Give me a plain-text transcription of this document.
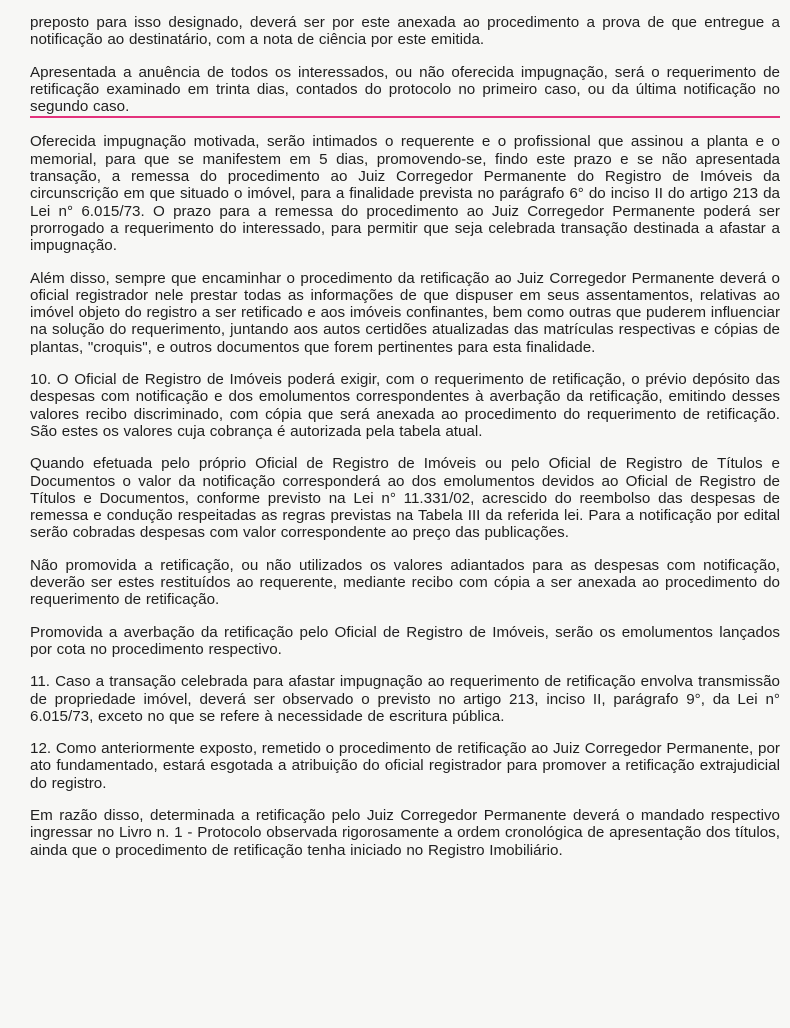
preposto para isso designado, deverá ser por este anexada ao procedimento a prova de que entregue a notificação ao destinatário, com a nota de ciência por este emitida.

Apresentada a anuência de todos os interessados, ou não oferecida impugnação, será o requerimento de retificação examinado em trinta dias, contados do protocolo no primeiro caso, ou da última notificação no segundo caso.

Oferecida impugnação motivada, serão intimados o requerente e o profissional que assinou a planta e o memorial, para que se manifestem em 5 dias, promovendo-se, findo este prazo e se não apresentada transação, a remessa do procedimento ao Juiz Corregedor Permanente do Registro de Imóveis da circunscrição em que situado o imóvel, para a finalidade prevista no parágrafo 6° do inciso II do artigo 213 da Lei n° 6.015/73. O prazo para a remessa do procedimento ao Juiz Corregedor Permanente poderá ser prorrogado a requerimento do interessado, para permitir que seja celebrada transação destinada a afastar a impugnação.

Além disso, sempre que encaminhar o procedimento da retificação ao Juiz Corregedor Permanente deverá o oficial registrador nele prestar todas as informações de que dispuser em seus assentamentos, relativas ao imóvel objeto do registro a ser retificado e aos imóveis confinantes, bem como outras que puderem influenciar na solução do requerimento, juntando aos autos certidões atualizadas das matrículas respectivas e cópias de plantas, "croquis", e outros documentos que forem pertinentes para esta finalidade.

10. O Oficial de Registro de Imóveis poderá exigir, com o requerimento de retificação, o prévio depósito das despesas com notificação e dos emolumentos correspondentes à averbação da retificação, emitindo desses valores recibo discriminado, com cópia que será anexada ao procedimento do requerimento de retificação. São estes os valores cuja cobrança é autorizada pela tabela atual.

Quando efetuada pelo próprio Oficial de Registro de Imóveis ou pelo Oficial de Registro de Títulos e Documentos o valor da notificação corresponderá ao dos emolumentos devidos ao Oficial de Registro de Títulos e Documentos, conforme previsto na Lei n° 11.331/02, acrescido do reembolso das despesas de remessa e condução respeitadas as regras previstas na Tabela III da referida lei. Para a notificação por edital serão cobradas despesas com valor correspondente ao preço das publicações.

Não promovida a retificação, ou não utilizados os valores adiantados para as despesas com notificação, deverão ser estes restituídos ao requerente, mediante recibo com cópia a ser anexada ao procedimento do requerimento de retificação.

Promovida a averbação da retificação pelo Oficial de Registro de Imóveis, serão os emolumentos lançados por cota no procedimento respectivo.

11. Caso a transação celebrada para afastar impugnação ao requerimento de retificação envolva transmissão de propriedade imóvel, deverá ser observado o previsto no artigo 213, inciso II, parágrafo 9°, da Lei n° 6.015/73, exceto no que se refere à necessidade de escritura pública.

12. Como anteriormente exposto, remetido o procedimento de retificação ao Juiz Corregedor Permanente, por ato fundamentado, estará esgotada a atribuição do oficial registrador para promover a retificação extrajudicial do registro.

Em razão disso, determinada a retificação pelo Juiz Corregedor Permanente deverá o mandado respectivo ingressar no Livro n. 1 - Protocolo observada rigorosamente a ordem cronológica de apresentação dos títulos, ainda que o procedimento de retificação tenha iniciado no Registro Imobiliário.
